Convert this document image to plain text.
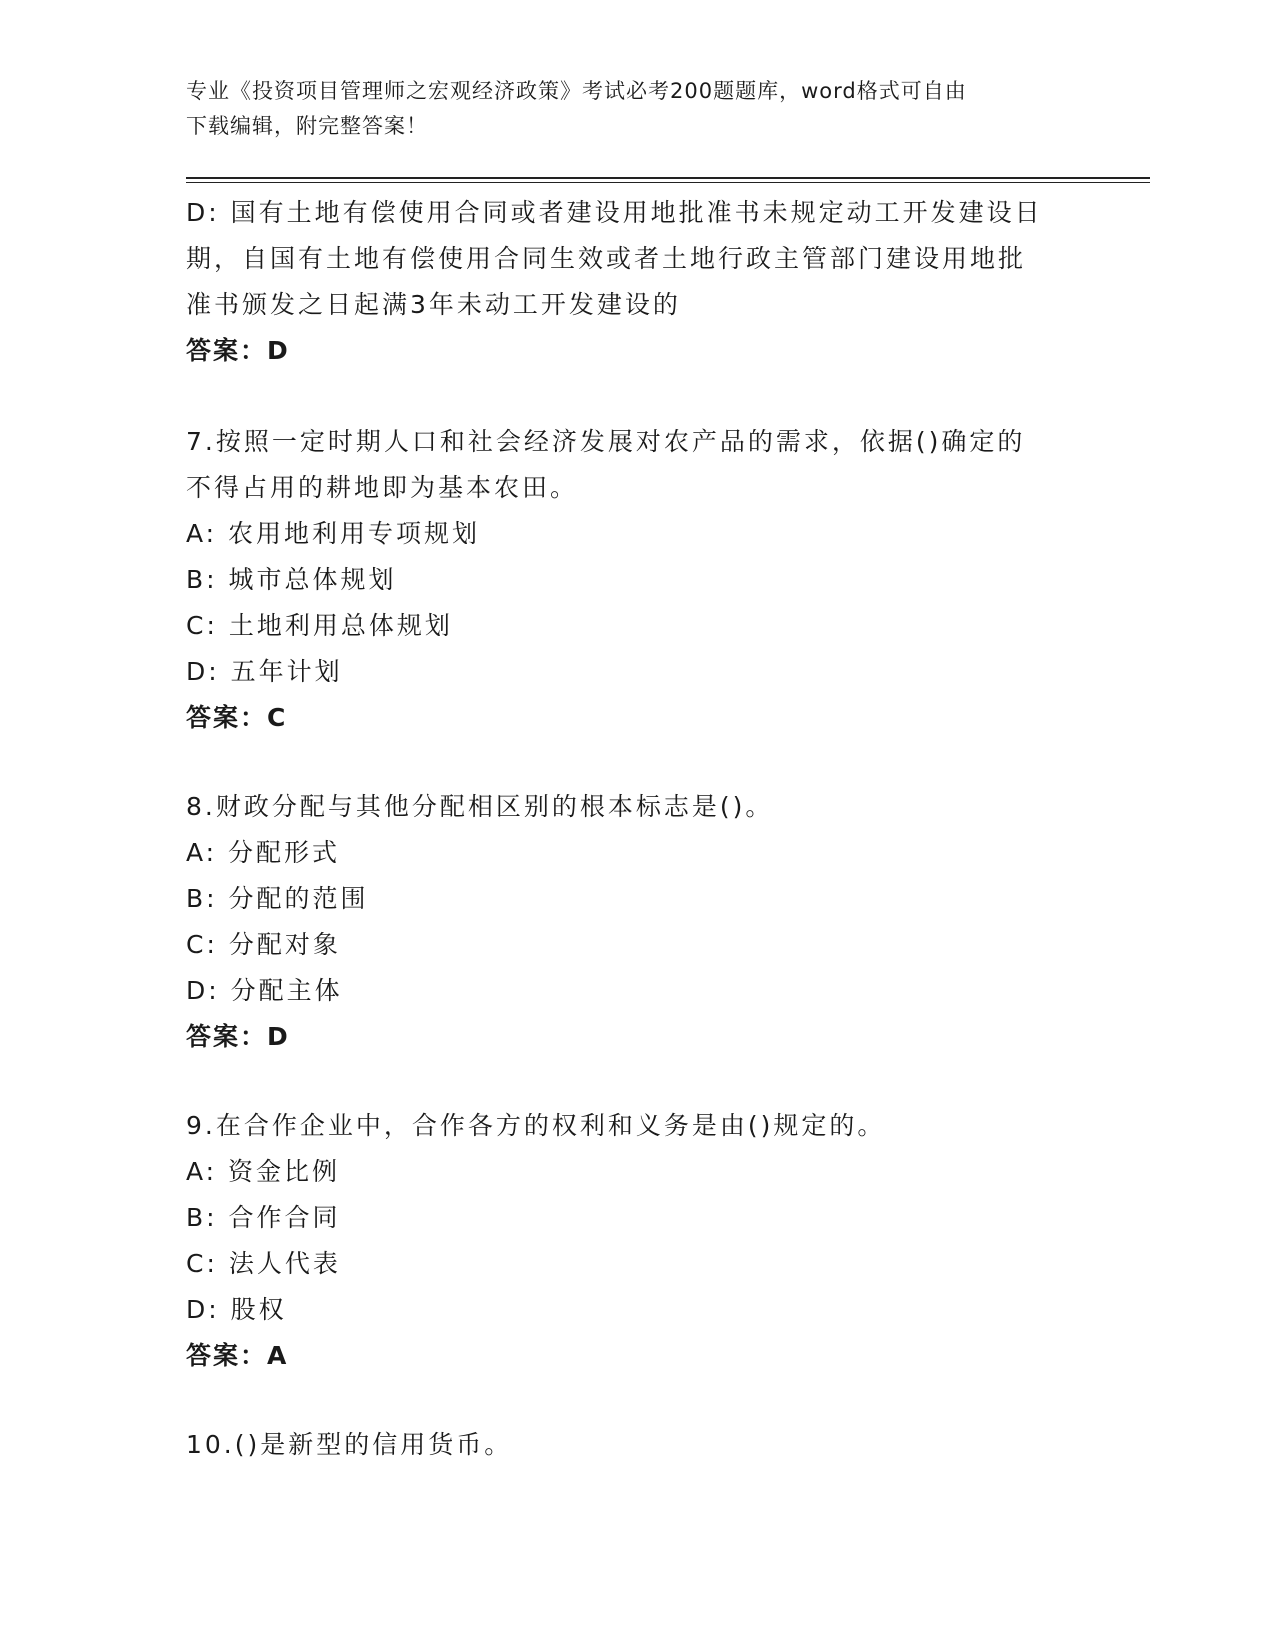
专业《投资项目管理师之宏观经济政策》考试必考200题题库，word格式可自由
下载编辑，附完整答案！
D: 国有土地有偿使用合同或者建设用地批准书未规定动工开发建设日
期，自国有土地有偿使用合同生效或者土地行政主管部门建设用地批
准书颁发之日起满3年未动工开发建设的
答案：D
7.按照一定时期人口和社会经济发展对农产品的需求，依据()确定的
不得占用的耕地即为基本农田。
A: 农用地利用专项规划
B: 城市总体规划
C: 土地利用总体规划
D: 五年计划
答案：C
8.财政分配与其他分配相区别的根本标志是()。
A: 分配形式
B: 分配的范围
C: 分配对象
D: 分配主体
答案：D
9.在合作企业中，合作各方的权利和义务是由()规定的。
A: 资金比例
B: 合作合同
C: 法人代表
D: 股权
答案：A
10.()是新型的信用货币。
